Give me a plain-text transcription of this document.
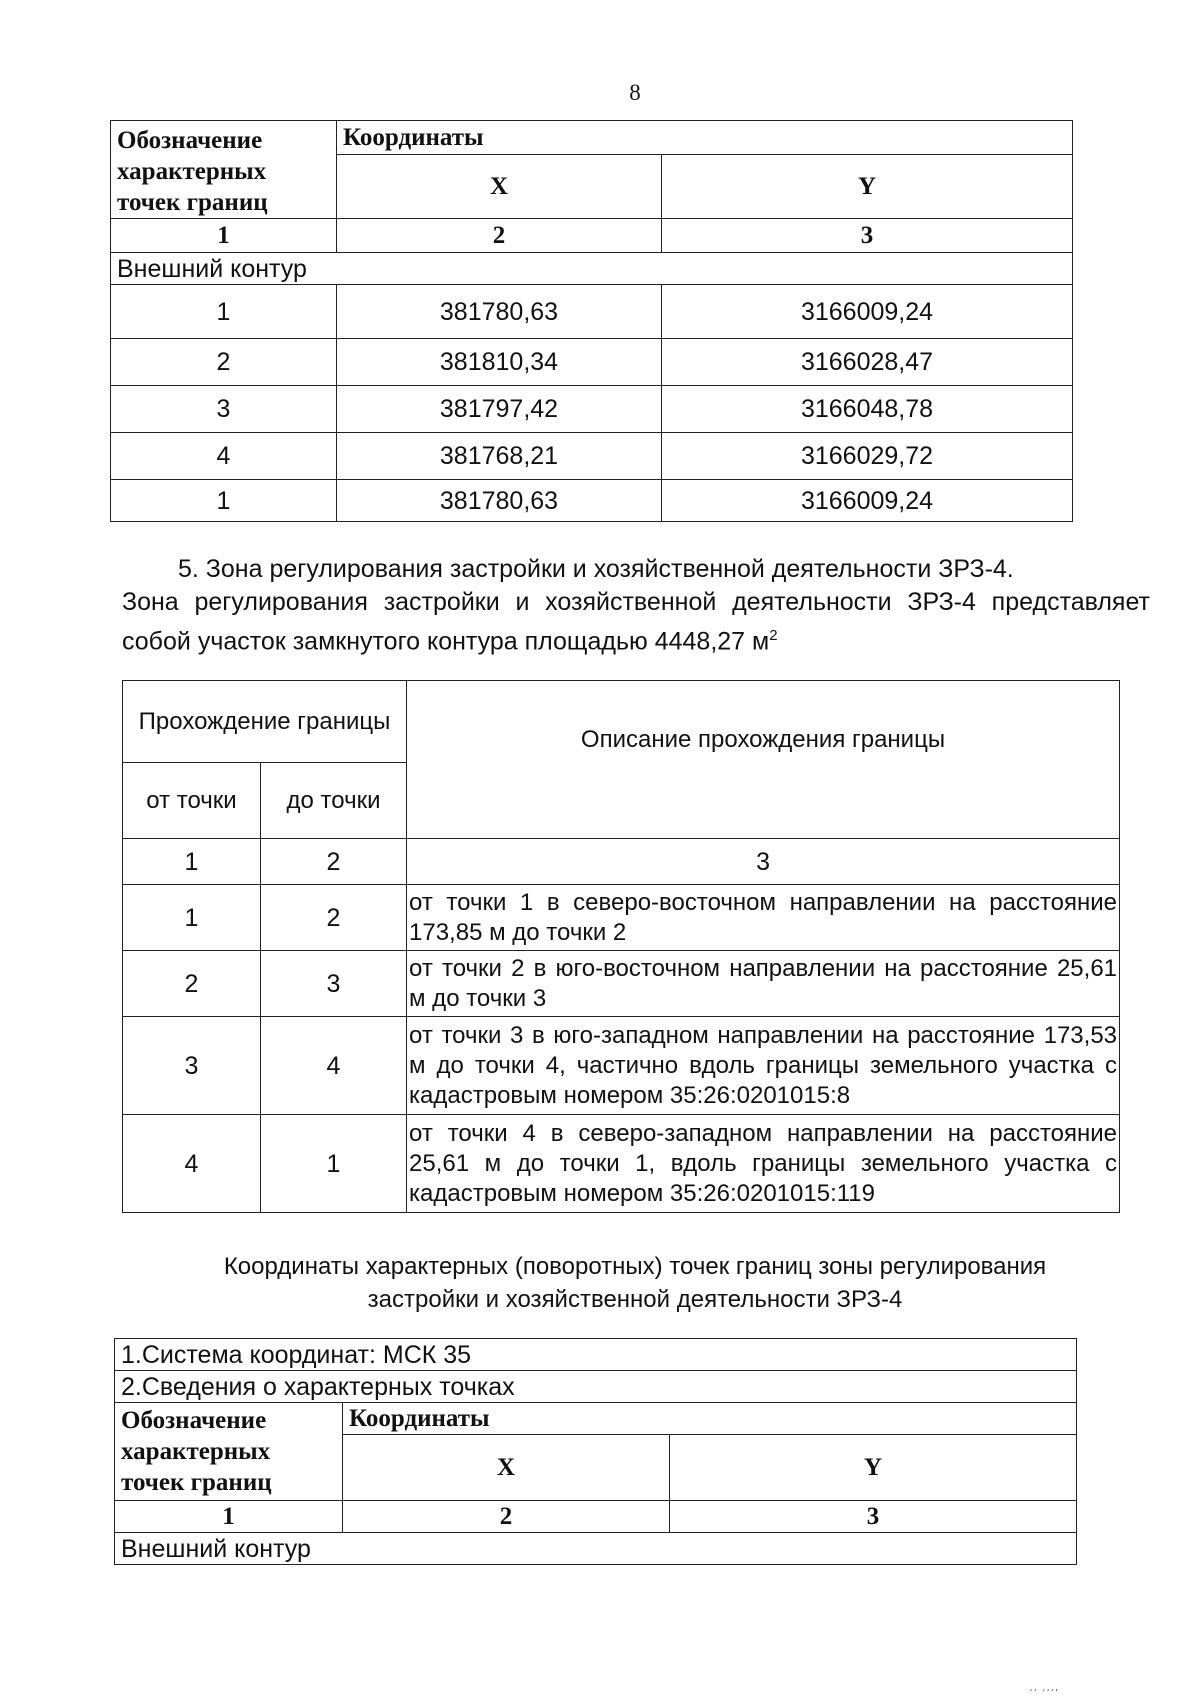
8
Обозначение характерных точек границ	Координаты	
	X	Y
1	2	3
Внешний контур		
1	381780,63	3166009,24
2	381810,34	3166028,47
3	381797,42	3166048,78
4	381768,21	3166029,72
1	381780,63	3166009,24
5. Зона регулирования застройки и хозяйственной деятельности ЗРЗ-4.
Зона регулирования застройки и хозяйственной деятельности ЗРЗ-4 представляет
собой участок замкнутого контура площадью 4448,27 $м^2$
Прохождение границы		Описание прохождения границы
от точки	до точки	
1	2	3
1	2	от точки 1 в северо-восточном направлении на расстояние 173,85 м до точки 2
2	3	от точки 2 в юго-восточном направлении на расстояние 25,61 м до точки 3
3	4	от точки 3 в юго-западном направлении на расстояние 173,53 м до точки 4, частично вдоль границы земельного участка с кадастровым номером 35:26:0201015:8
4	1	от точки 4 в северо-западном направлении на расстояние 25,61 м до точки 1, вдоль границы земельного участка с кадастровым номером 35:26:0201015:119
Координаты характерных (поворотных) точек границ зоны регулирования
застройки и хозяйственной деятельности ЗРЗ-4
1.Система координат: МСК 35		
2.Сведения о характерных точках		
Обозначение характерных точек границ	Координаты	
	X	Y
1	2	3
Внешний контур		
′′ ′′′′
